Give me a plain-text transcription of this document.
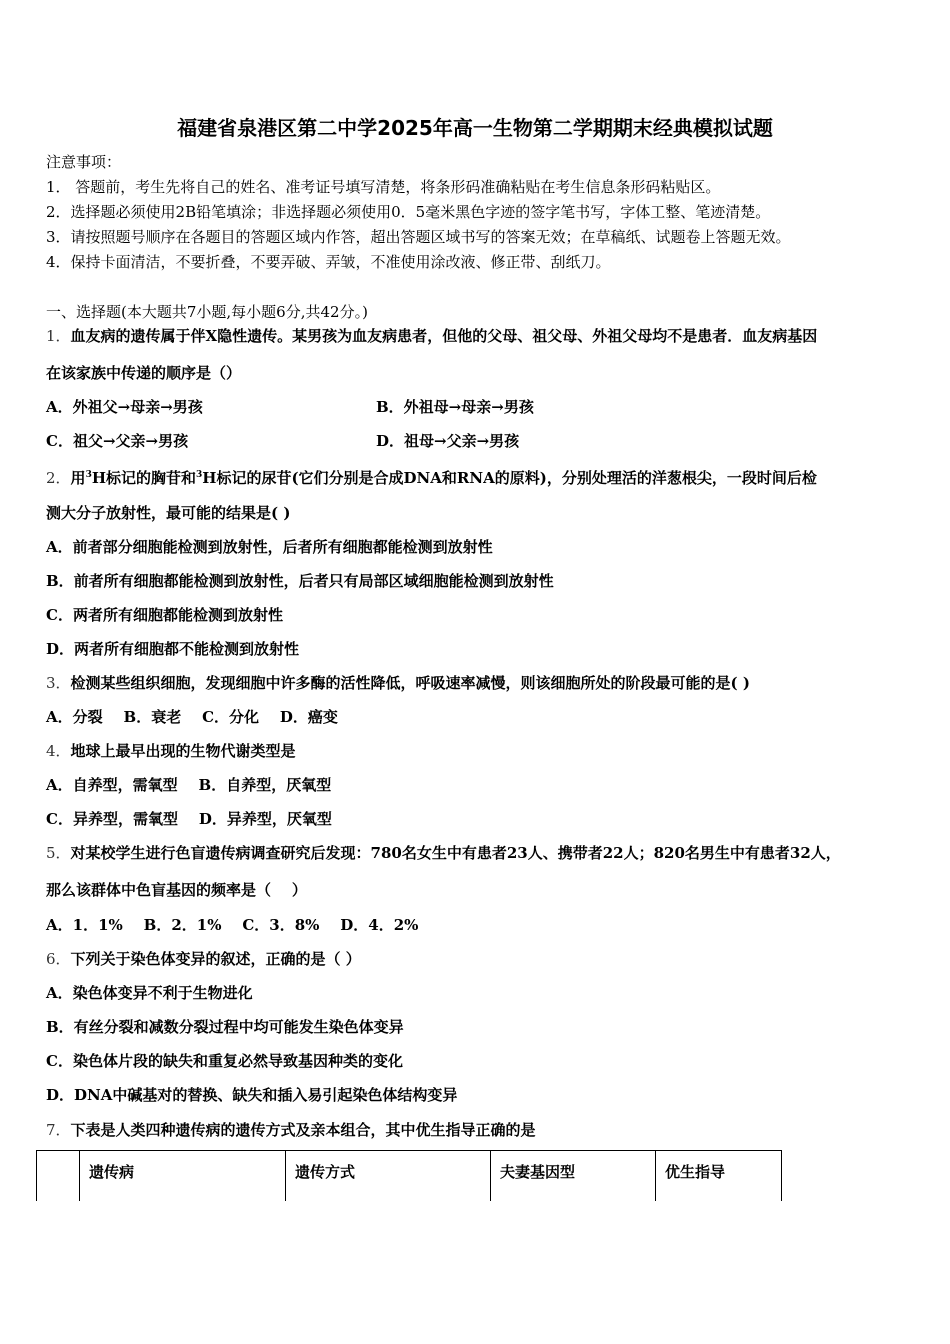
福建省泉港区第二中学2025年高一生物第二学期期末经典模拟试题
注意事项：
1． 答题前，考生先将自己的姓名、准考证号填写清楚，将条形码准确粘贴在考生信息条形码粘贴区。
2．选择题必须使用2B铅笔填涂；非选择题必须使用0．5毫米黑色字迹的签字笔书写，字体工整、笔迹清楚。
3．请按照题号顺序在各题目的答题区域内作答，超出答题区域书写的答案无效；在草稿纸、试题卷上答题无效。
4．保持卡面清洁，不要折叠，不要弄破、弄皱，不准使用涂改液、修正带、刮纸刀。
一、选择题(本大题共7小题,每小题6分,共42分。)
1．血友病的遗传属于伴X隐性遗传。某男孩为血友病患者，但他的父母、祖父母、外祖父母均不是患者．血友病基因
在该家族中传递的顺序是（）
A．外祖父→母亲→男孩	B．外祖母→母亲→男孩
C．祖父→父亲→男孩	D．祖母→父亲→男孩
2．用$^3$H标记的胸苷和$^3$H标记的尿苷(它们分别是合成DNA和RNA的原料)，分别处理活的洋葱根尖，一段时间后检
测大分子放射性，最可能的结果是( )
A．前者部分细胞能检测到放射性，后者所有细胞都能检测到放射性
B．前者所有细胞都能检测到放射性，后者只有局部区域细胞能检测到放射性
C．两者所有细胞都能检测到放射性
D．两者所有细胞都不能检测到放射性
3．检测某些组织细胞，发现细胞中许多酶的活性降低，呼吸速率减慢，则该细胞所处的阶段最可能的是( )
A．分裂    B．衰老    C．分化    D．癌变
4．地球上最早出现的生物代谢类型是
A．自养型，需氧型    B．自养型，厌氧型
C．异养型，需氧型    D．异养型，厌氧型
5．对某校学生进行色盲遗传病调查研究后发现：780名女生中有患者23人、携带者22人；820名男生中有患者32人，
那么该群体中色盲基因的频率是（    ）
A．1．1%    B．2．1%    C．3．8%    D．4．2%
6．下列关于染色体变异的叙述，正确的是（ ）
A．染色体变异不利于生物进化
B．有丝分裂和减数分裂过程中均可能发生染色体变异
C．染色体片段的缺失和重复必然导致基因种类的变化
D．DNA中碱基对的替换、缺失和插入易引起染色体结构变异
7．下表是人类四种遗传病的遗传方式及亲本组合，其中优生指导正确的是
	遗传病	遗传方式	夫妻基因型	优生指导
